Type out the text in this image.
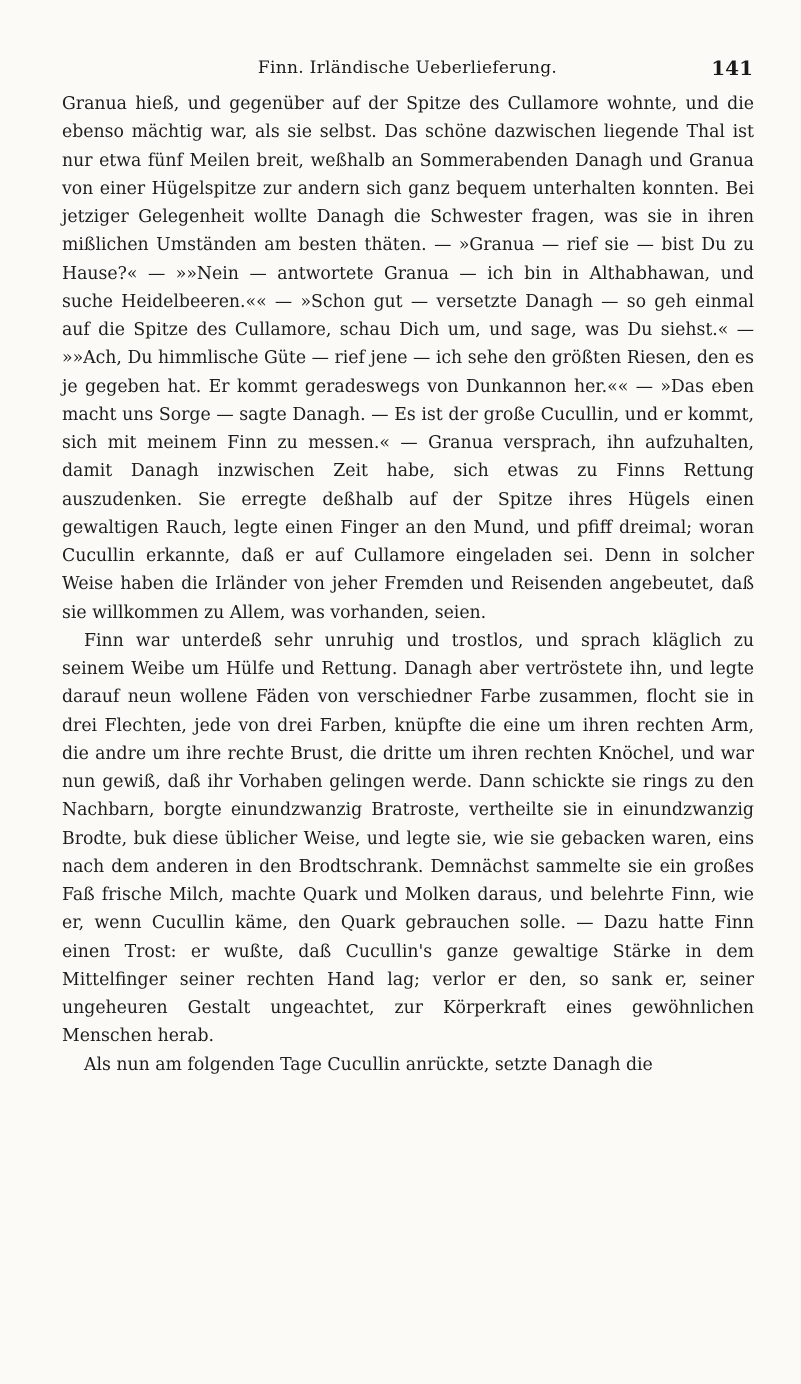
Finn. Irländische Ueberlieferung.	141

Granua hieß, und gegenüber auf der Spitze des Cullamore wohnte, und die ebenso mächtig war, als sie selbst. Das schöne dazwischen liegende Thal ist nur etwa fünf Meilen breit, weßhalb an Sommerabenden Danagh und Granua von einer Hügelspitze zur andern sich ganz bequem unterhalten konnten. Bei jetziger Gelegenheit wollte Danagh die Schwester fragen, was sie in ihren mißlichen Umständen am besten thäten. — »Granua — rief sie — bist Du zu Hause?« — »»Nein — antwortete Granua — ich bin in Althabhawan, und suche Heidelbeeren.«« — »Schon gut — versetzte Danagh — so geh einmal auf die Spitze des Cullamore, schau Dich um, und sage, was Du siehst.« — »»Ach, Du himmlische Güte — rief jene — ich sehe den größten Riesen, den es je gegeben hat. Er kommt geradeswegs von Dunkannon her.«« — »Das eben macht uns Sorge — sagte Danagh. — Es ist der große Cucullin, und er kommt, sich mit meinem Finn zu messen.« — Granua versprach, ihn aufzuhalten, damit Danagh inzwischen Zeit habe, sich etwas zu Finns Rettung auszudenken. Sie erregte deßhalb auf der Spitze ihres Hügels einen gewaltigen Rauch, legte einen Finger an den Mund, und pfiff dreimal; woran Cucullin erkannte, daß er auf Cullamore eingeladen sei. Denn in solcher Weise haben die Irländer von jeher Fremden und Reisenden angebeutet, daß sie willkommen zu Allem, was vorhanden, seien.

Finn war unterdeß sehr unruhig und trostlos, und sprach kläglich zu seinem Weibe um Hülfe und Rettung. Danagh aber vertröstete ihn, und legte darauf neun wollene Fäden von verschiedner Farbe zusammen, flocht sie in drei Flechten, jede von drei Farben, knüpfte die eine um ihren rechten Arm, die andre um ihre rechte Brust, die dritte um ihren rechten Knöchel, und war nun gewiß, daß ihr Vorhaben gelingen werde. Dann schickte sie rings zu den Nachbarn, borgte einundzwanzig Bratroste, vertheilte sie in einundzwanzig Brodte, buk diese üblicher Weise, und legte sie, wie sie gebacken waren, eins nach dem anderen in den Brodtschrank. Demnächst sammelte sie ein großes Faß frische Milch, machte Quark und Molken daraus, und belehrte Finn, wie er, wenn Cucullin käme, den Quark gebrauchen solle. — Dazu hatte Finn einen Trost: er wußte, daß Cucullin's ganze gewaltige Stärke in dem Mittelfinger seiner rechten Hand lag; verlor er den, so sank er, seiner ungeheuren Gestalt ungeachtet, zur Körperkraft eines gewöhnlichen Menschen herab.

Als nun am folgenden Tage Cucullin anrückte, setzte Danagh die
